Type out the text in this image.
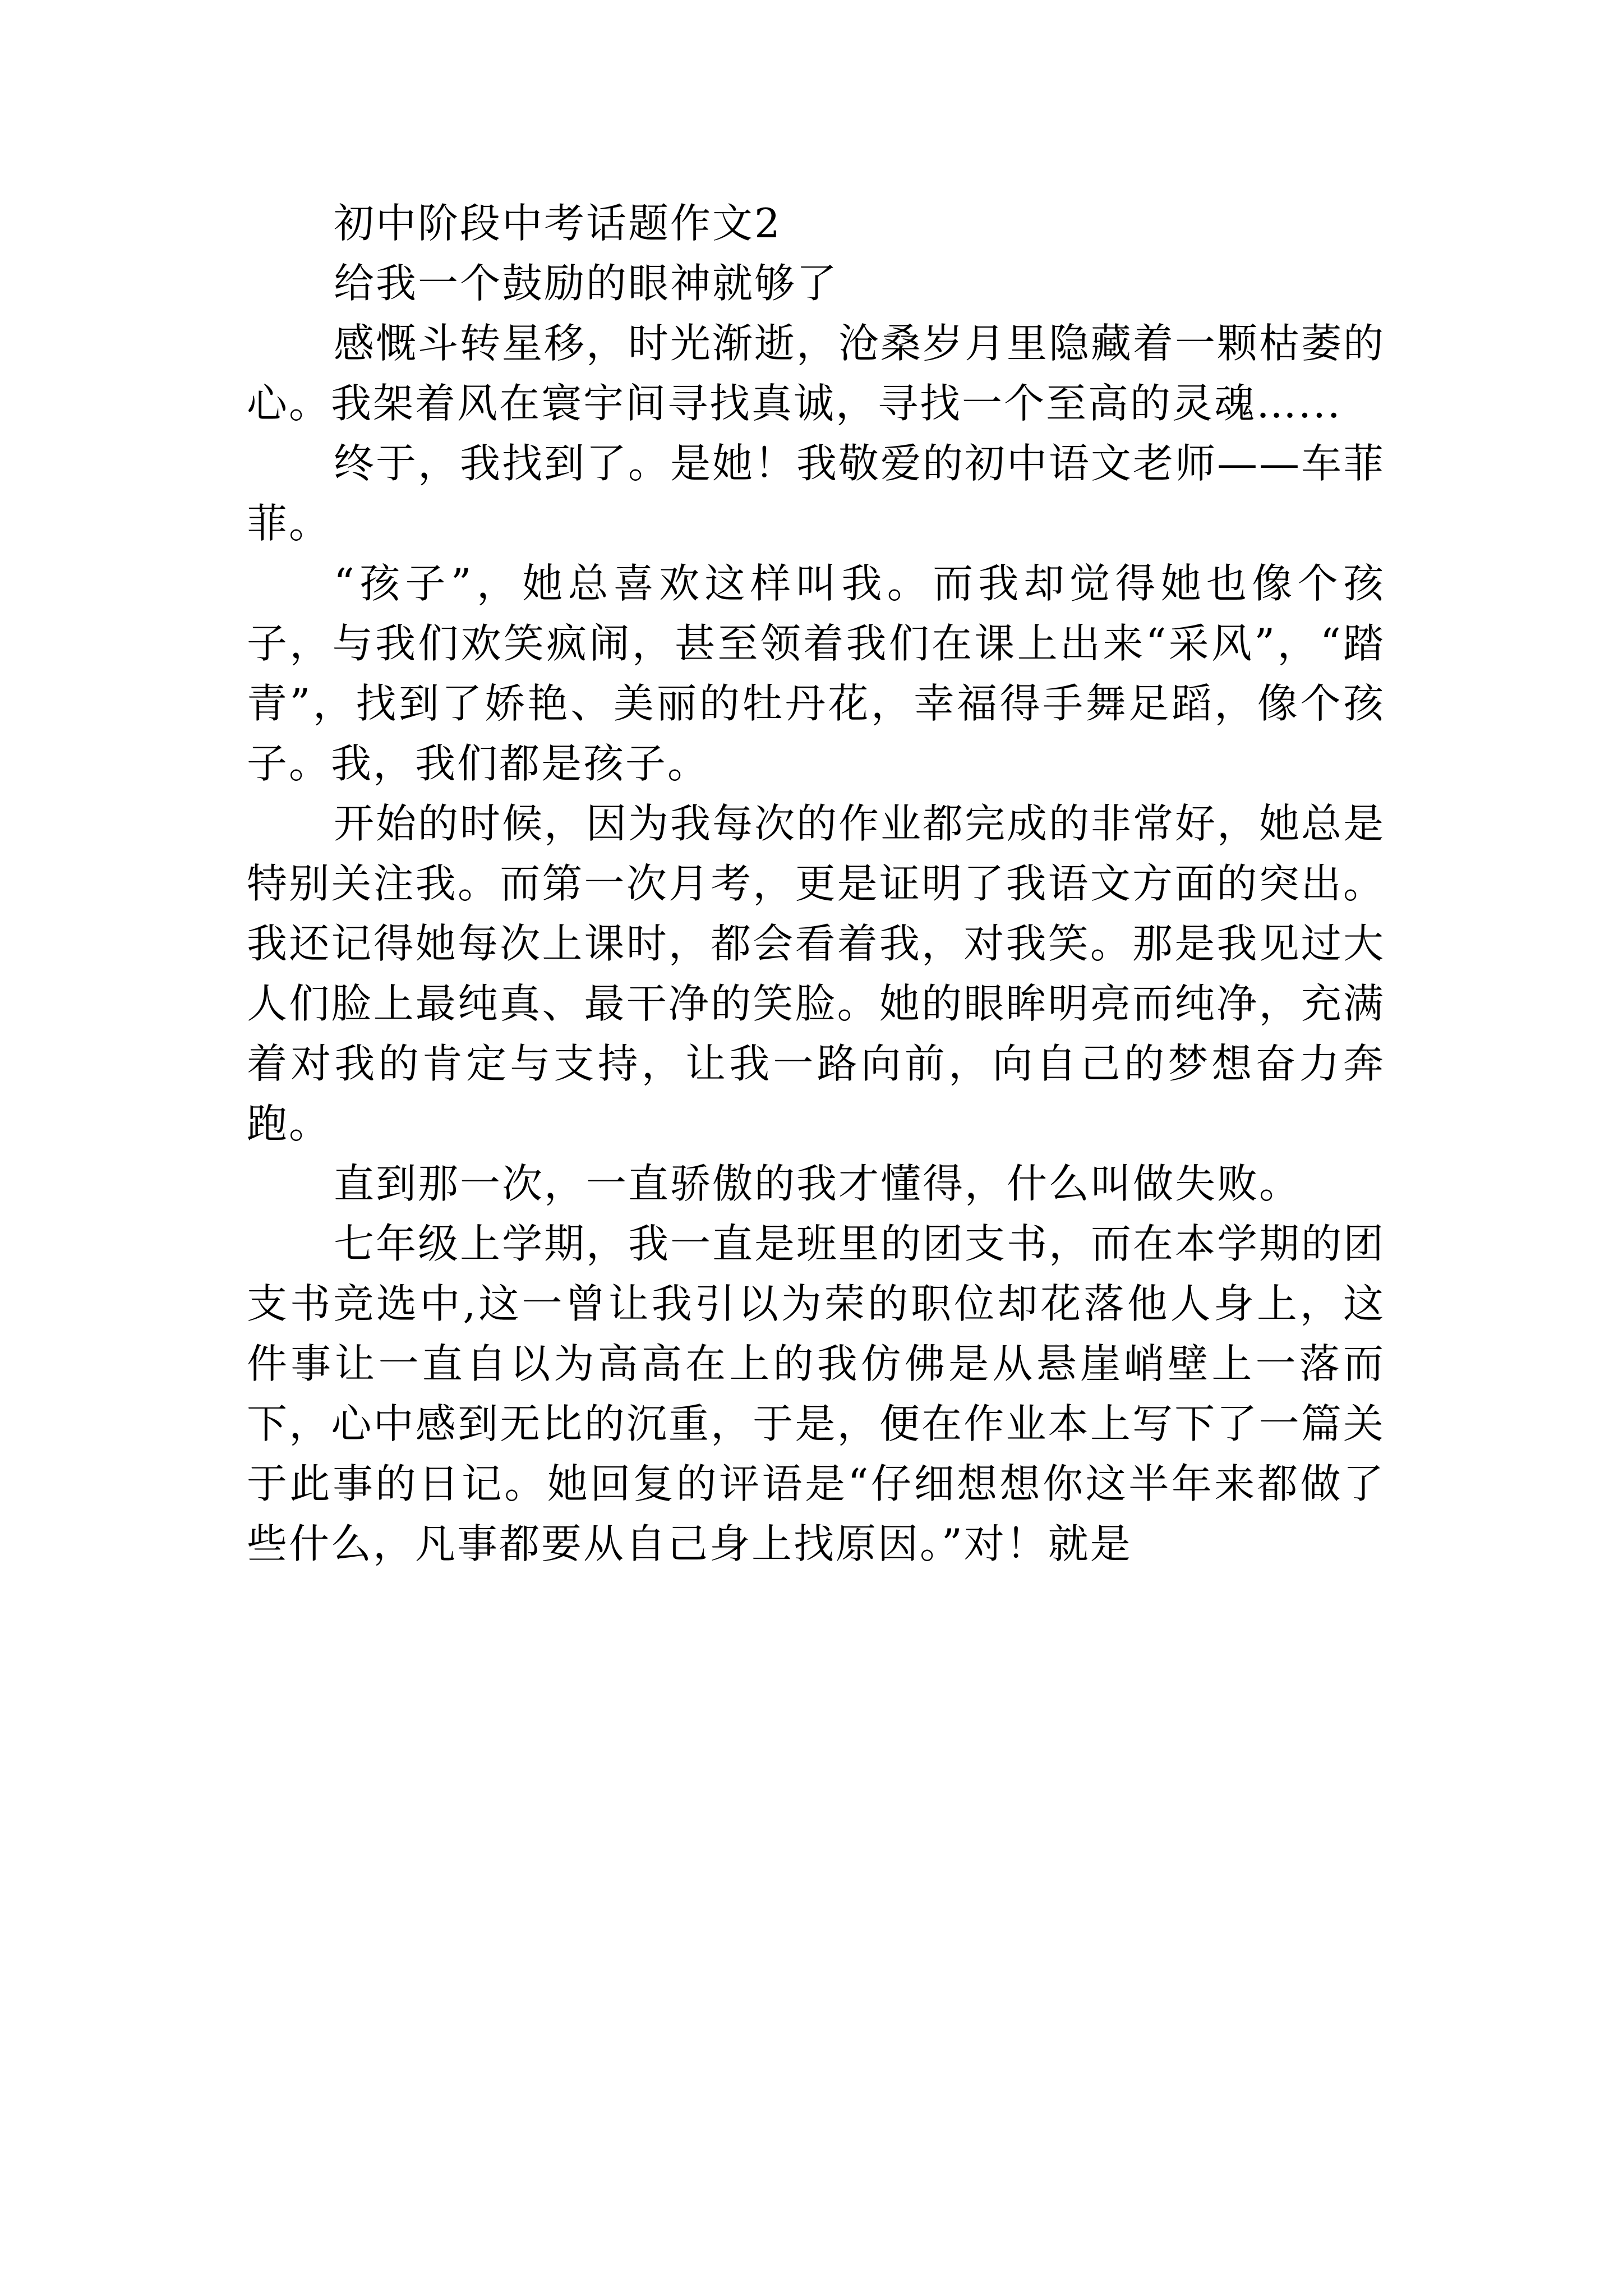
初中阶段中考话题作文2

给我一个鼓励的眼神就够了

感慨斗转星移，时光渐逝，沧桑岁月里隐藏着一颗枯萎的心。我架着风在寰宇间寻找真诚，寻找一个至高的灵魂…...

终于，我找到了。是她！我敬爱的初中语文老师——车菲菲。

“孩子”，她总喜欢这样叫我。而我却觉得她也像个孩子，与我们欢笑疯闹，甚至领着我们在课上出来“采风”，“踏青”，找到了娇艳、美丽的牡丹花，幸福得手舞足蹈，像个孩子。我，我们都是孩子。

开始的时候，因为我每次的作业都完成的非常好，她总是特别关注我。而第一次月考，更是证明了我语文方面的突出。我还记得她每次上课时，都会看着我，对我笑。那是我见过大人们脸上最纯真、最干净的笑脸。她的眼眸明亮而纯净，充满着对我的肯定与支持，让我一路向前，向自己的梦想奋力奔跑。

直到那一次，一直骄傲的我才懂得，什么叫做失败。

七年级上学期，我一直是班里的团支书，而在本学期的团支书竞选中,这一曾让我引以为荣的职位却花落他人身上，这件事让一直自以为高高在上的我仿佛是从悬崖峭壁上一落而下，心中感到无比的沉重，于是，便在作业本上写下了一篇关于此事的日记。她回复的评语是“仔细想想你这半年来都做了些什么，凡事都要从自己身上找原因。”对！就是
